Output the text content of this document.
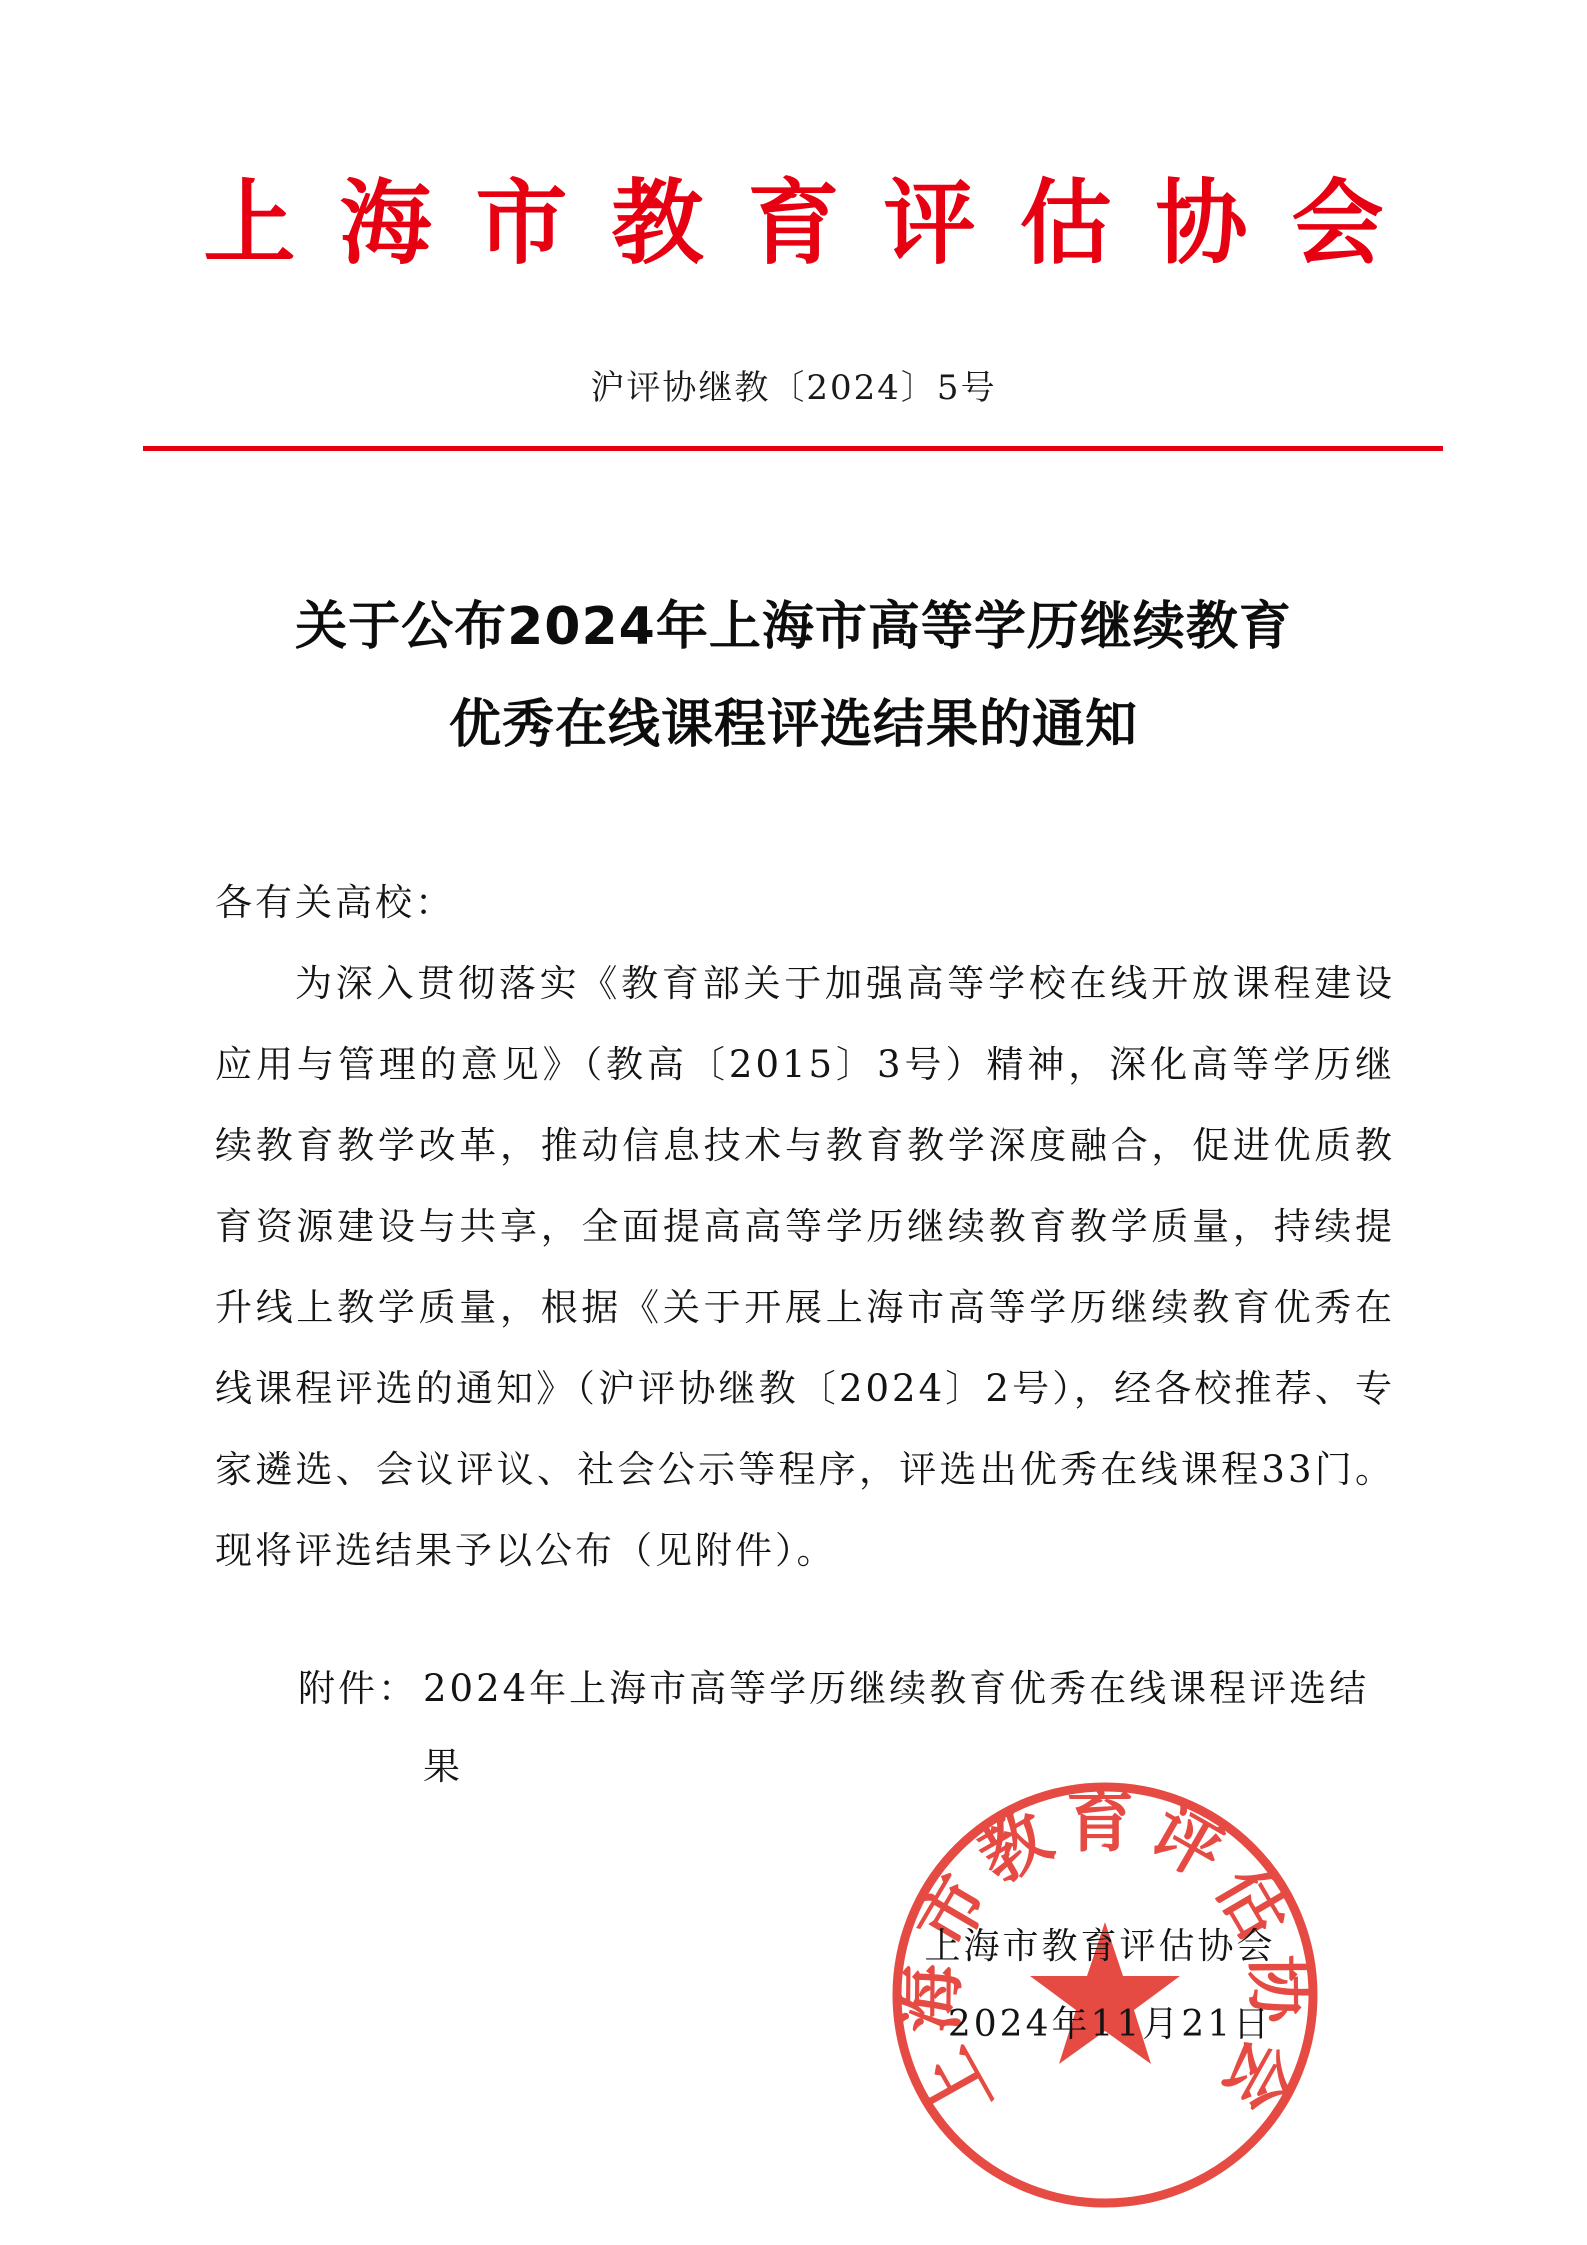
上海市教育评估协会
沪评协继教〔2024〕5号
关于公布2024年上海市高等学历继续教育
优秀在线课程评选结果的通知

各有关高校：

为深入贯彻落实《教育部关于加强高等学校在线开放课程建设应用与管理的意见》（教高〔2015〕3号）精神，深化高等学历继续教育教学改革，推动信息技术与教育教学深度融合，促进优质教育资源建设与共享，全面提高高等学历继续教育教学质量，持续提升线上教学质量，根据《关于开展上海市高等学历继续教育优秀在线课程评选的通知》（沪评协继教〔2024〕2号），经各校推荐、专家遴选、会议评议、社会公示等程序，评选出优秀在线课程33门。现将评选结果予以公布（见附件）。

附件： 2024年上海市高等学历继续教育优秀在线课程评选结果
上海市教育评估协会
上海市教育评估协会
2024年11月21日
